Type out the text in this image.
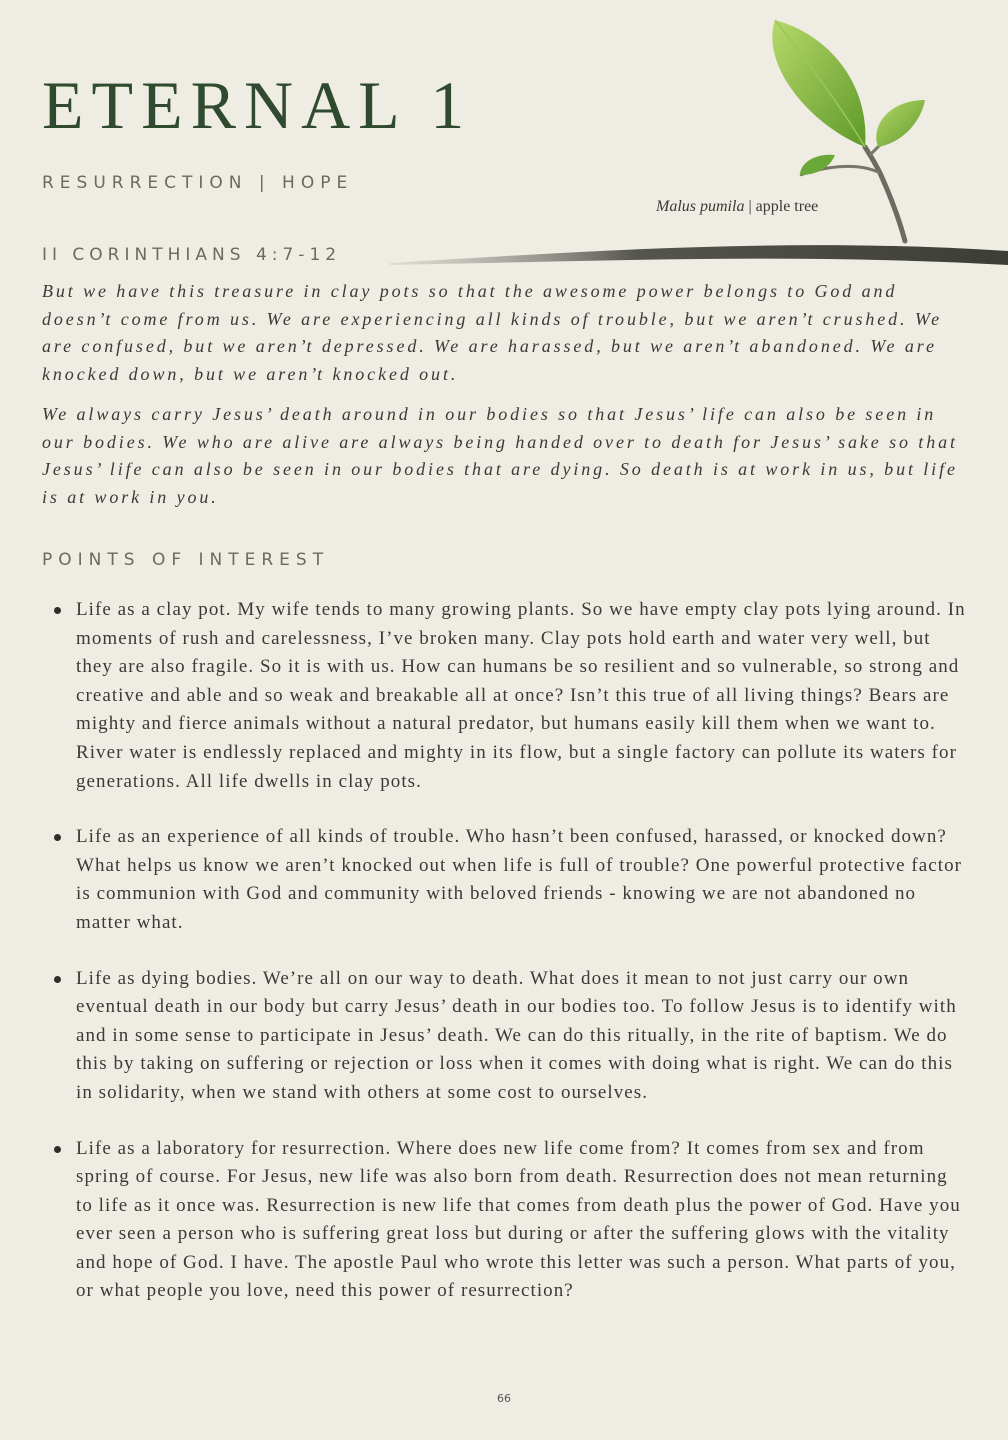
ETERNAL 1
RESURRECTION | HOPE
Malus pumila | apple tree
II CORINTHIANS 4:7-12

But we have this treasure in clay pots so that the awesome power belongs to God and doesn’t come from us. We are experiencing all kinds of trouble, but we aren’t crushed. We are confused, but we aren’t depressed. We are harassed, but we aren’t abandoned. We are knocked down, but we aren’t knocked out.

We always carry Jesus’ death around in our bodies so that Jesus’ life can also be seen in our bodies. We who are alive are always being handed over to death for Jesus’ sake so that Jesus’ life can also be seen in our bodies that are dying. So death is at work in us, but life is at work in you.

POINTS OF INTEREST
Life as a clay pot. My wife tends to many growing plants. So we have empty clay pots lying around. In moments of rush and carelessness, I’ve broken many. Clay pots hold earth and water very well, but they are also fragile. So it is with us. How can humans be so resilient and so vulnerable, so strong and creative and able and so weak and breakable all at once? Isn’t this true of all living things? Bears are mighty and fierce animals without a natural predator, but humans easily kill them when we want to. River water is endlessly replaced and mighty in its flow, but a single factory can pollute its waters for generations. All life dwells in clay pots.
Life as an experience of all kinds of trouble. Who hasn’t been confused, harassed, or knocked down? What helps us know we aren’t knocked out when life is full of trouble? One powerful protective factor is communion with God and community with beloved friends - knowing we are not abandoned no matter what.
Life as dying bodies. We’re all on our way to death. What does it mean to not just carry our own eventual death in our body but carry Jesus’ death in our bodies too. To follow Jesus is to identify with and in some sense to participate in Jesus’ death. We can do this ritually, in the rite of baptism. We do this by taking on suffering or rejection or loss when it comes with doing what is right. We can do this in solidarity, when we stand with others at some cost to ourselves.
Life as a laboratory for resurrection. Where does new life come from? It comes from sex and from spring of course. For Jesus, new life was also born from death. Resurrection does not mean returning to life as it once was. Resurrection is new life that comes from death plus the power of God. Have you ever seen a person who is suffering great loss but during or after the suffering glows with the vitality and hope of God. I have. The apostle Paul who wrote this letter was such a person. What parts of you, or what people you love, need this power of resurrection?
66
